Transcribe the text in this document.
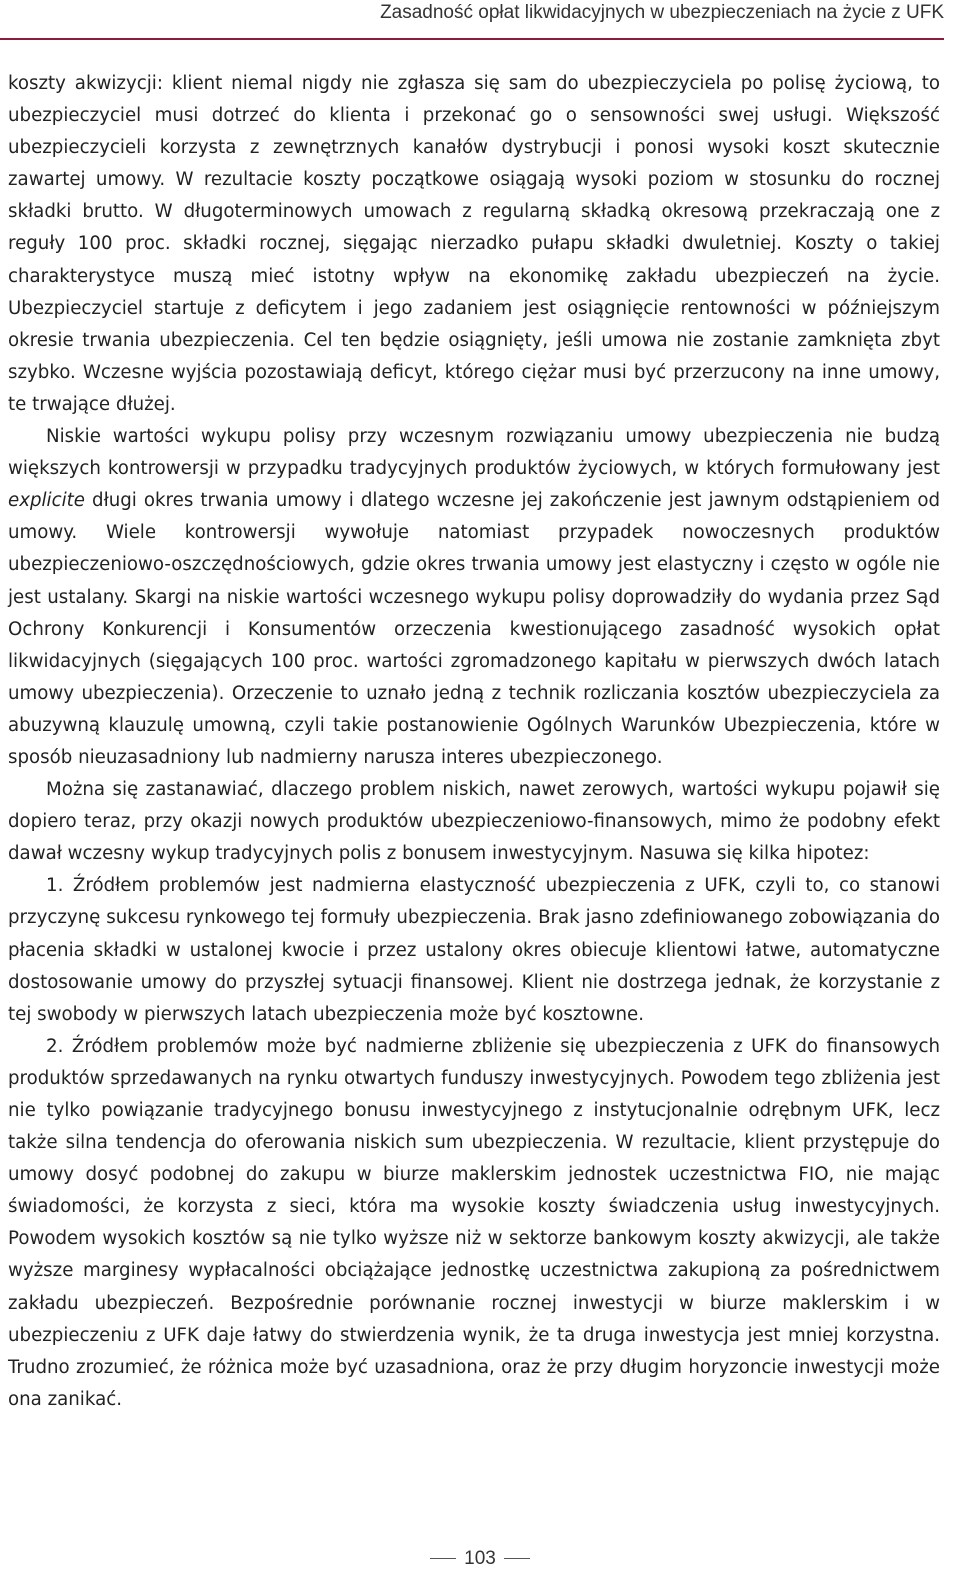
Zasadność opłat likwidacyjnych w ubezpieczeniach na życie z UFK

koszty akwizycji: klient niemal nigdy nie zgłasza się sam do ubezpieczyciela po polisę życiową, to ubezpieczyciel musi dotrzeć do klienta i przekonać go o sensowności swej usługi. Większość ubezpieczycieli korzysta z zewnętrznych kanałów dystrybucji i ponosi wysoki koszt skutecznie zawartej umowy. W rezultacie koszty początkowe osiągają wysoki poziom w stosunku do rocznej składki brutto. W długoterminowych umowach z regularną składką okresową przekraczają one z reguły 100 proc. składki rocznej, sięgając nierzadko pułapu składki dwuletniej. Koszty o takiej charakterystyce muszą mieć istotny wpływ na ekonomikę zakładu ubezpieczeń na życie. Ubezpieczyciel startuje z deficytem i jego zadaniem jest osiągnięcie rentowności w późniejszym okresie trwania ubezpieczenia. Cel ten będzie osiągnięty, jeśli umowa nie zostanie zamknięta zbyt szybko. Wczesne wyjścia pozostawiają deficyt, którego ciężar musi być przerzucony na inne umowy, te trwające dłużej.

Niskie wartości wykupu polisy przy wczesnym rozwiązaniu umowy ubezpieczenia nie budzą większych kontrowersji w przypadku tradycyjnych produktów życiowych, w których formułowany jest explicite długi okres trwania umowy i dlatego wczesne jej zakończenie jest jawnym odstąpieniem od umowy. Wiele kontrowersji wywołuje natomiast przypadek nowoczesnych produktów ubezpieczeniowo-oszczędnościowych, gdzie okres trwania umowy jest elastyczny i często w ogóle nie jest ustalany. Skargi na niskie wartości wczesnego wykupu polisy doprowadziły do wydania przez Sąd Ochrony Konkurencji i Konsumentów orzeczenia kwestionującego zasadność wysokich opłat likwidacyjnych (sięgających 100 proc. wartości zgromadzonego kapitału w pierwszych dwóch latach umowy ubezpieczenia). Orzeczenie to uznało jedną z technik rozliczania kosztów ubezpieczyciela za abuzywną klauzulę umowną, czyli takie postanowienie Ogólnych Warunków Ubezpieczenia, które w sposób nieuzasadniony lub nadmierny narusza interes ubezpieczonego.

Można się zastanawiać, dlaczego problem niskich, nawet zerowych, wartości wykupu pojawił się dopiero teraz, przy okazji nowych produktów ubezpieczeniowo-finansowych, mimo że podobny efekt dawał wczesny wykup tradycyjnych polis z bonusem inwestycyjnym. Nasuwa się kilka hipotez:

1. Źródłem problemów jest nadmierna elastyczność ubezpieczenia z UFK, czyli to, co stanowi przyczynę sukcesu rynkowego tej formuły ubezpieczenia. Brak jasno zdefiniowanego zobowiązania do płacenia składki w ustalonej kwocie i przez ustalony okres obiecuje klientowi łatwe, automatyczne dostosowanie umowy do przyszłej sytuacji finansowej. Klient nie dostrzega jednak, że korzystanie z tej swobody w pierwszych latach ubezpieczenia może być kosztowne.

2. Źródłem problemów może być nadmierne zbliżenie się ubezpieczenia z UFK do finansowych produktów sprzedawanych na rynku otwartych funduszy inwestycyjnych. Powodem tego zbliżenia jest nie tylko powiązanie tradycyjnego bonusu inwestycyjnego z instytucjonalnie odrębnym UFK, lecz także silna tendencja do oferowania niskich sum ubezpieczenia. W rezultacie, klient przystępuje do umowy dosyć podobnej do zakupu w biurze maklerskim jednostek uczestnictwa FIO, nie mając świadomości, że korzysta z sieci, która ma wysokie koszty świadczenia usług inwestycyjnych. Powodem wysokich kosztów są nie tylko wyższe niż w sektorze bankowym koszty akwizycji, ale także wyższe marginesy wypłacalności obciążające jednostkę uczestnictwa zakupioną za pośrednictwem zakładu ubezpieczeń. Bezpośrednie porównanie rocznej inwestycji w biurze maklerskim i w ubezpieczeniu z UFK daje łatwy do stwierdzenia wynik, że ta druga inwestycja jest mniej korzystna. Trudno zrozumieć, że różnica może być uzasadniona, oraz że przy długim horyzoncie inwestycji może ona zanikać.

103
